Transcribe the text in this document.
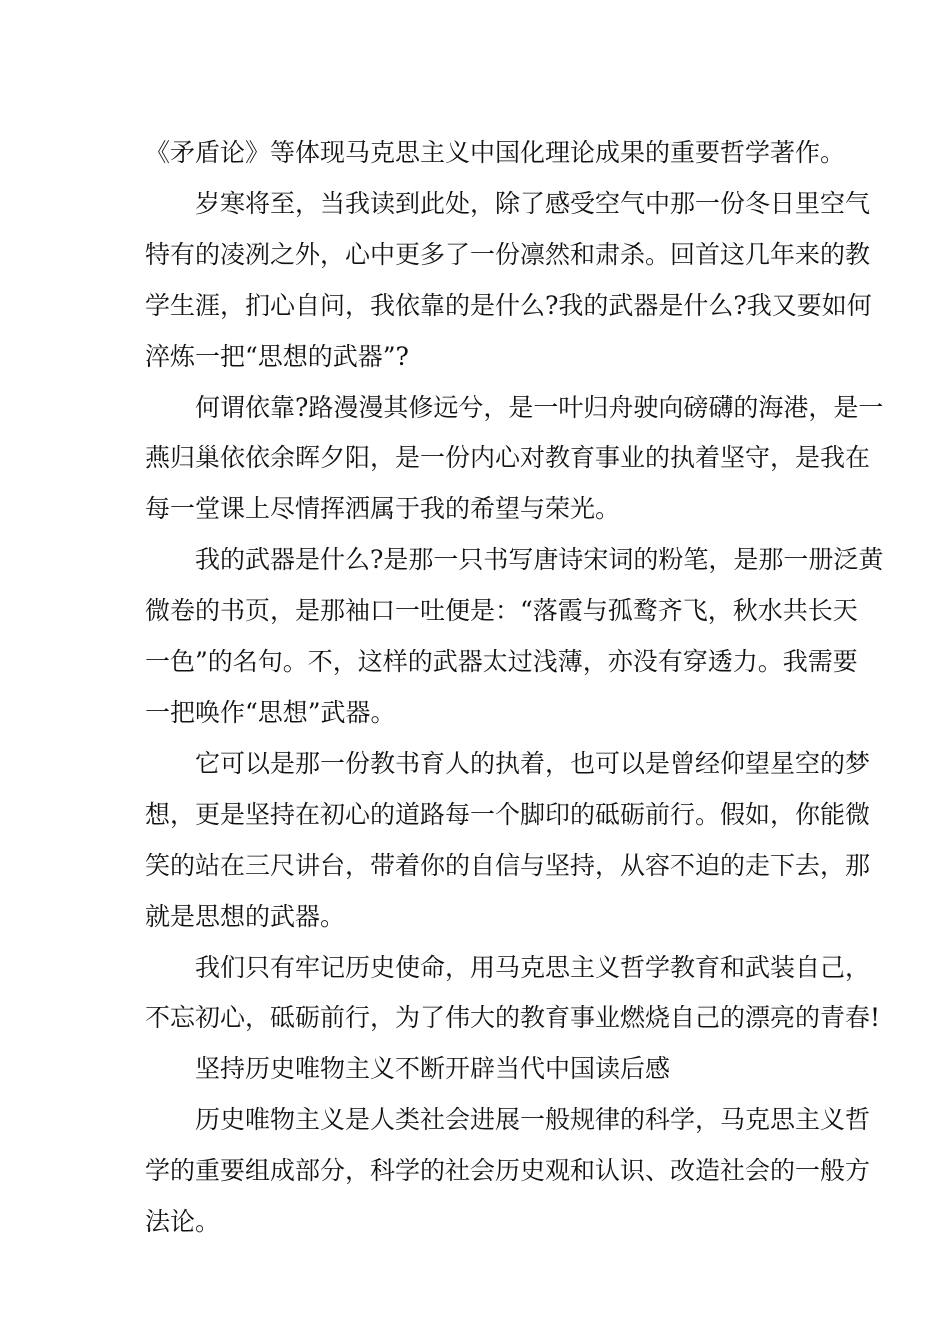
《矛盾论》等体现马克思主义中国化理论成果的重要哲学著作。

岁寒将至，当我读到此处，除了感受空气中那一份冬日里空气
特有的凌冽之外，心中更多了一份凛然和肃杀。回首这几年来的教
学生涯，扪心自问，我依靠的是什么?我的武器是什么?我又要如何
淬炼一把“思想的武器”?

何谓依靠?路漫漫其修远兮，是一叶归舟驶向磅礴的海港，是一
燕归巢依依余晖夕阳，是一份内心对教育事业的执着坚守，是我在
每一堂课上尽情挥洒属于我的希望与荣光。

我的武器是什么?是那一只书写唐诗宋词的粉笔，是那一册泛黄
微卷的书页，是那袖口一吐便是：“落霞与孤鹜齐飞，秋水共长天
一色”的名句。不，这样的武器太过浅薄，亦没有穿透力。我需要
一把唤作“思想”武器。

它可以是那一份教书育人的执着，也可以是曾经仰望星空的梦
想，更是坚持在初心的道路每一个脚印的砥砺前行。假如，你能微
笑的站在三尺讲台，带着你的自信与坚持，从容不迫的走下去，那
就是思想的武器。

我们只有牢记历史使命，用马克思主义哲学教育和武装自己，
不忘初心，砥砺前行，为了伟大的教育事业燃烧自己的漂亮的青春!

坚持历史唯物主义不断开辟当代中国读后感

历史唯物主义是人类社会进展一般规律的科学，马克思主义哲
学的重要组成部分，科学的社会历史观和认识、改造社会的一般方
法论。
